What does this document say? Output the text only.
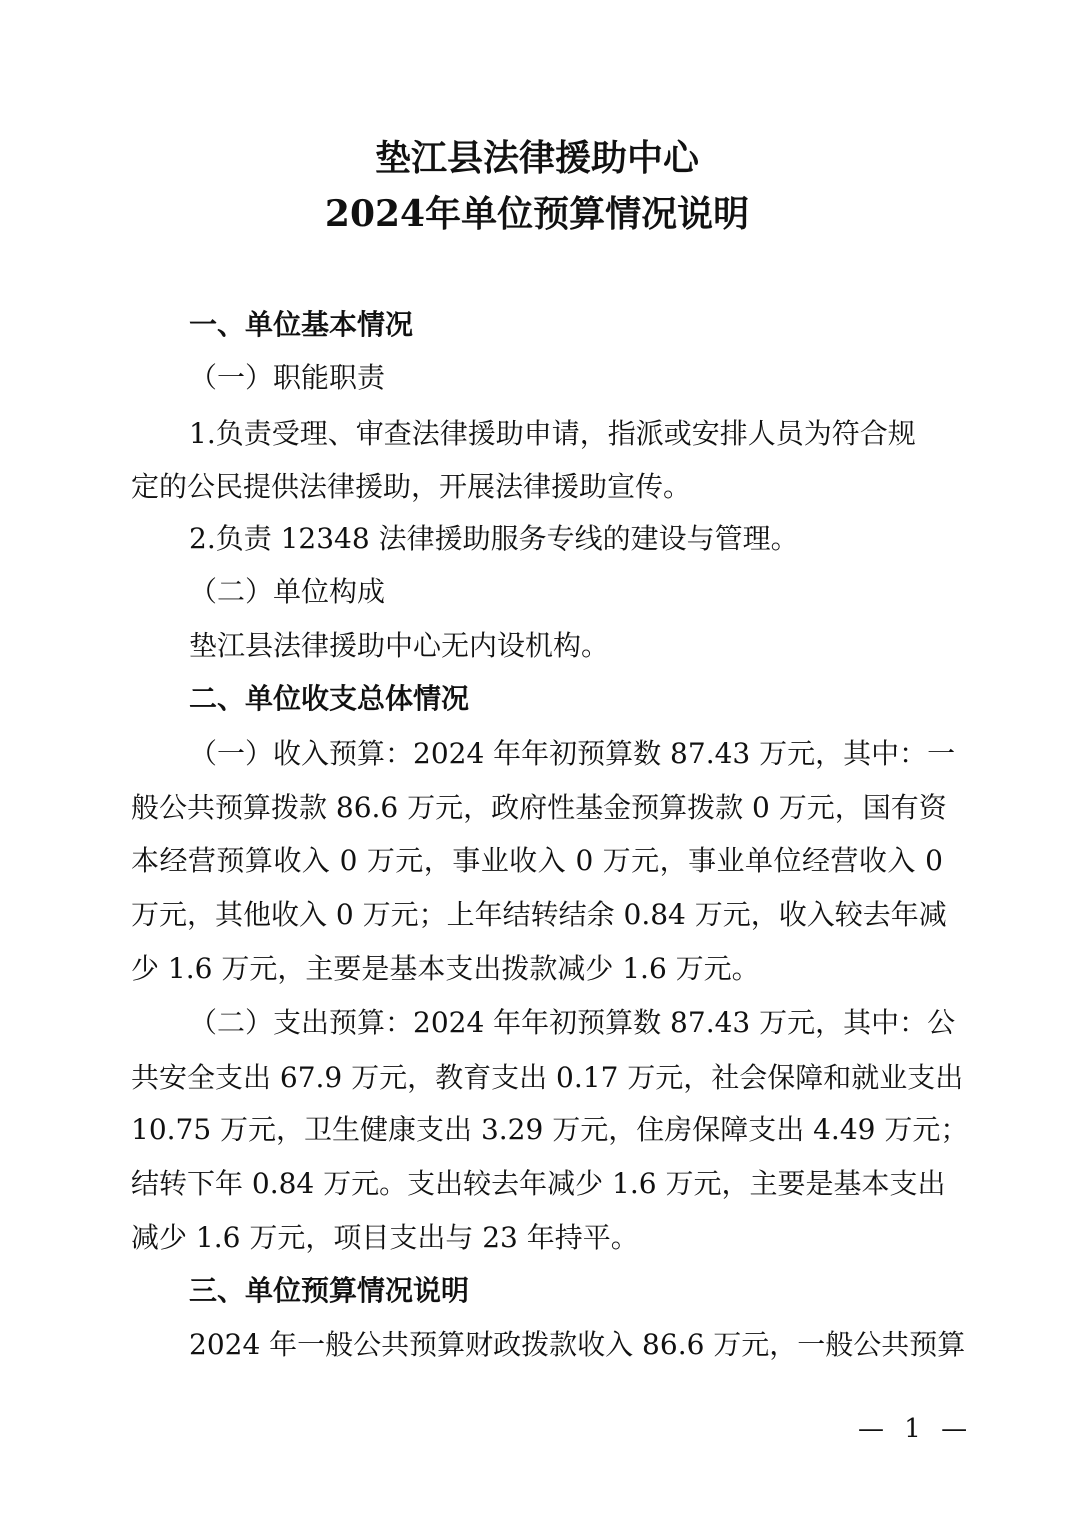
垫江县法律援助中心
2024年单位预算情况说明
一、单位基本情况
（一）职能职责
1.负责受理、审查法律援助申请，指派或安排人员为符合规
定的公民提供法律援助，开展法律援助宣传。
2.负责 12348 法律援助服务专线的建设与管理。
（二）单位构成
垫江县法律援助中心无内设机构。
二、单位收支总体情况
（一）收入预算：2024 年年初预算数 87.43 万元，其中：一
般公共预算拨款 86.6 万元，政府性基金预算拨款 0 万元，国有资
本经营预算收入 0 万元，事业收入 0 万元，事业单位经营收入 0
万元，其他收入 0 万元；上年结转结余 0.84 万元，收入较去年减
少 1.6 万元，主要是基本支出拨款减少 1.6 万元。
（二）支出预算：2024 年年初预算数 87.43 万元，其中：公
共安全支出 67.9 万元，教育支出 0.17 万元，社会保障和就业支出
10.75 万元，卫生健康支出 3.29 万元，住房保障支出 4.49 万元；
结转下年 0.84 万元。支出较去年减少 1.6 万元，主要是基本支出
减少 1.6 万元，项目支出与 23 年持平。
三、单位预算情况说明
2024 年一般公共预算财政拨款收入 86.6 万元，一般公共预算
— 1 —
